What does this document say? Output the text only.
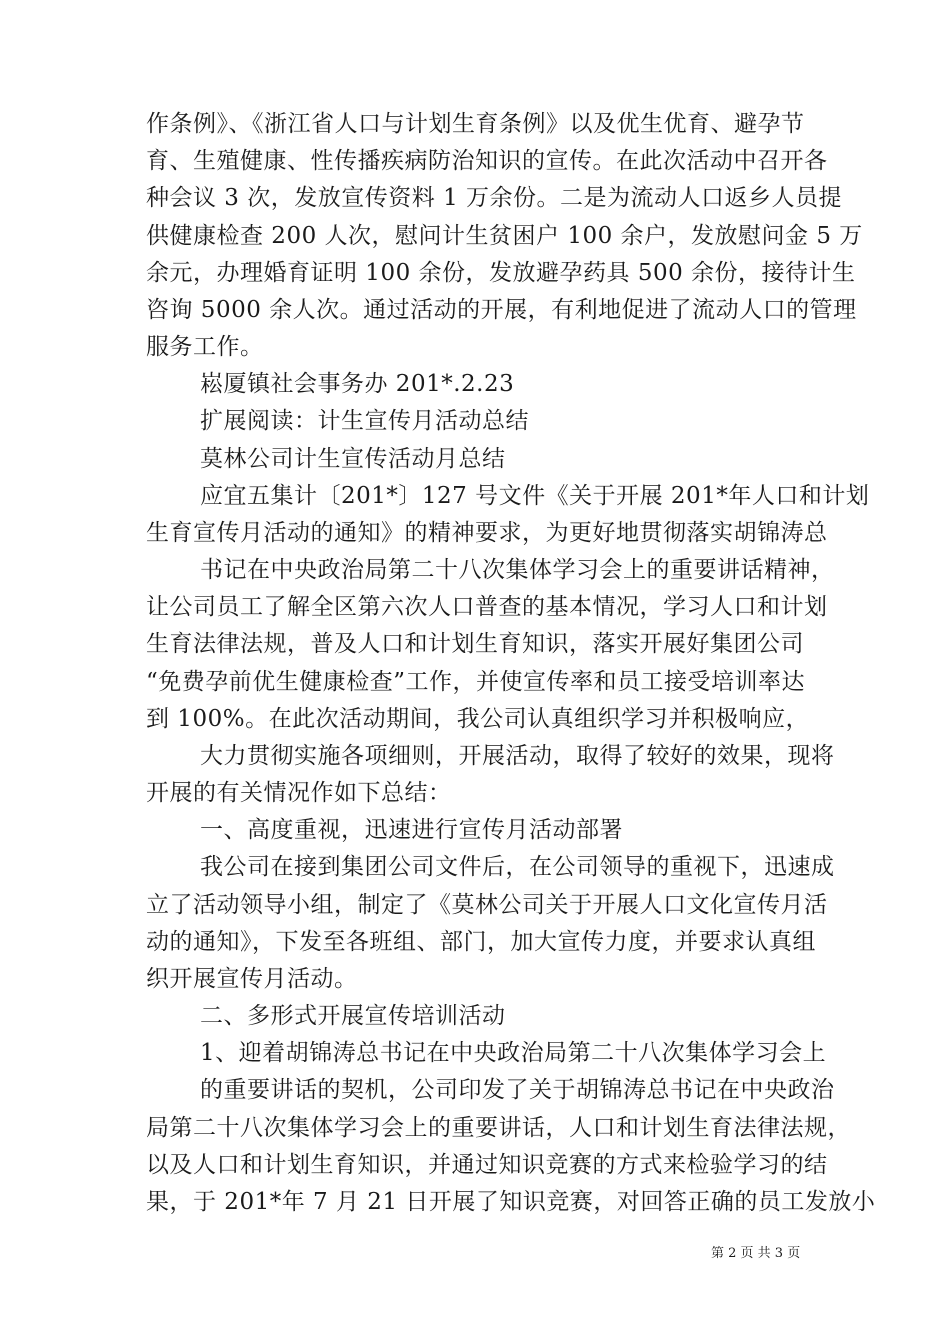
作条例》、《浙江省人口与计划生育条例》以及优生优育、避孕节
育、生殖健康、性传播疾病防治知识的宣传。在此次活动中召开各
种会议 3 次，发放宣传资料 1 万余份。二是为流动人口返乡人员提
供健康检查 200 人次，慰问计生贫困户 100 余户，发放慰问金 5 万
余元，办理婚育证明 100 余份，发放避孕药具 500 余份，接待计生
咨询 5000 余人次。通过活动的开展，有利地促进了流动人口的管理
服务工作。
崧厦镇社会事务办 201*.2.23
扩展阅读：计生宣传月活动总结
莫林公司计生宣传活动月总结
应宜五集计〔201*〕127 号文件《关于开展 201*年人口和计划
生育宣传月活动的通知》的精神要求，为更好地贯彻落实胡锦涛总
书记在中央政治局第二十八次集体学习会上的重要讲话精神，
让公司员工了解全区第六次人口普查的基本情况，学习人口和计划
生育法律法规，普及人口和计划生育知识，落实开展好集团公司
“免费孕前优生健康检查”工作，并使宣传率和员工接受培训率达
到 100%。在此次活动期间，我公司认真组织学习并积极响应，
大力贯彻实施各项细则，开展活动，取得了较好的效果，现将
开展的有关情况作如下总结：
一、高度重视，迅速进行宣传月活动部署
我公司在接到集团公司文件后，在公司领导的重视下，迅速成
立了活动领导小组，制定了《莫林公司关于开展人口文化宣传月活
动的通知》，下发至各班组、部门，加大宣传力度，并要求认真组
织开展宣传月活动。
二、多形式开展宣传培训活动
1、迎着胡锦涛总书记在中央政治局第二十八次集体学习会上
的重要讲话的契机，公司印发了关于胡锦涛总书记在中央政治
局第二十八次集体学习会上的重要讲话，人口和计划生育法律法规，
以及人口和计划生育知识，并通过知识竞赛的方式来检验学习的结
果，于 201*年 7 月 21 日开展了知识竞赛，对回答正确的员工发放小
第 2 页 共 3 页
